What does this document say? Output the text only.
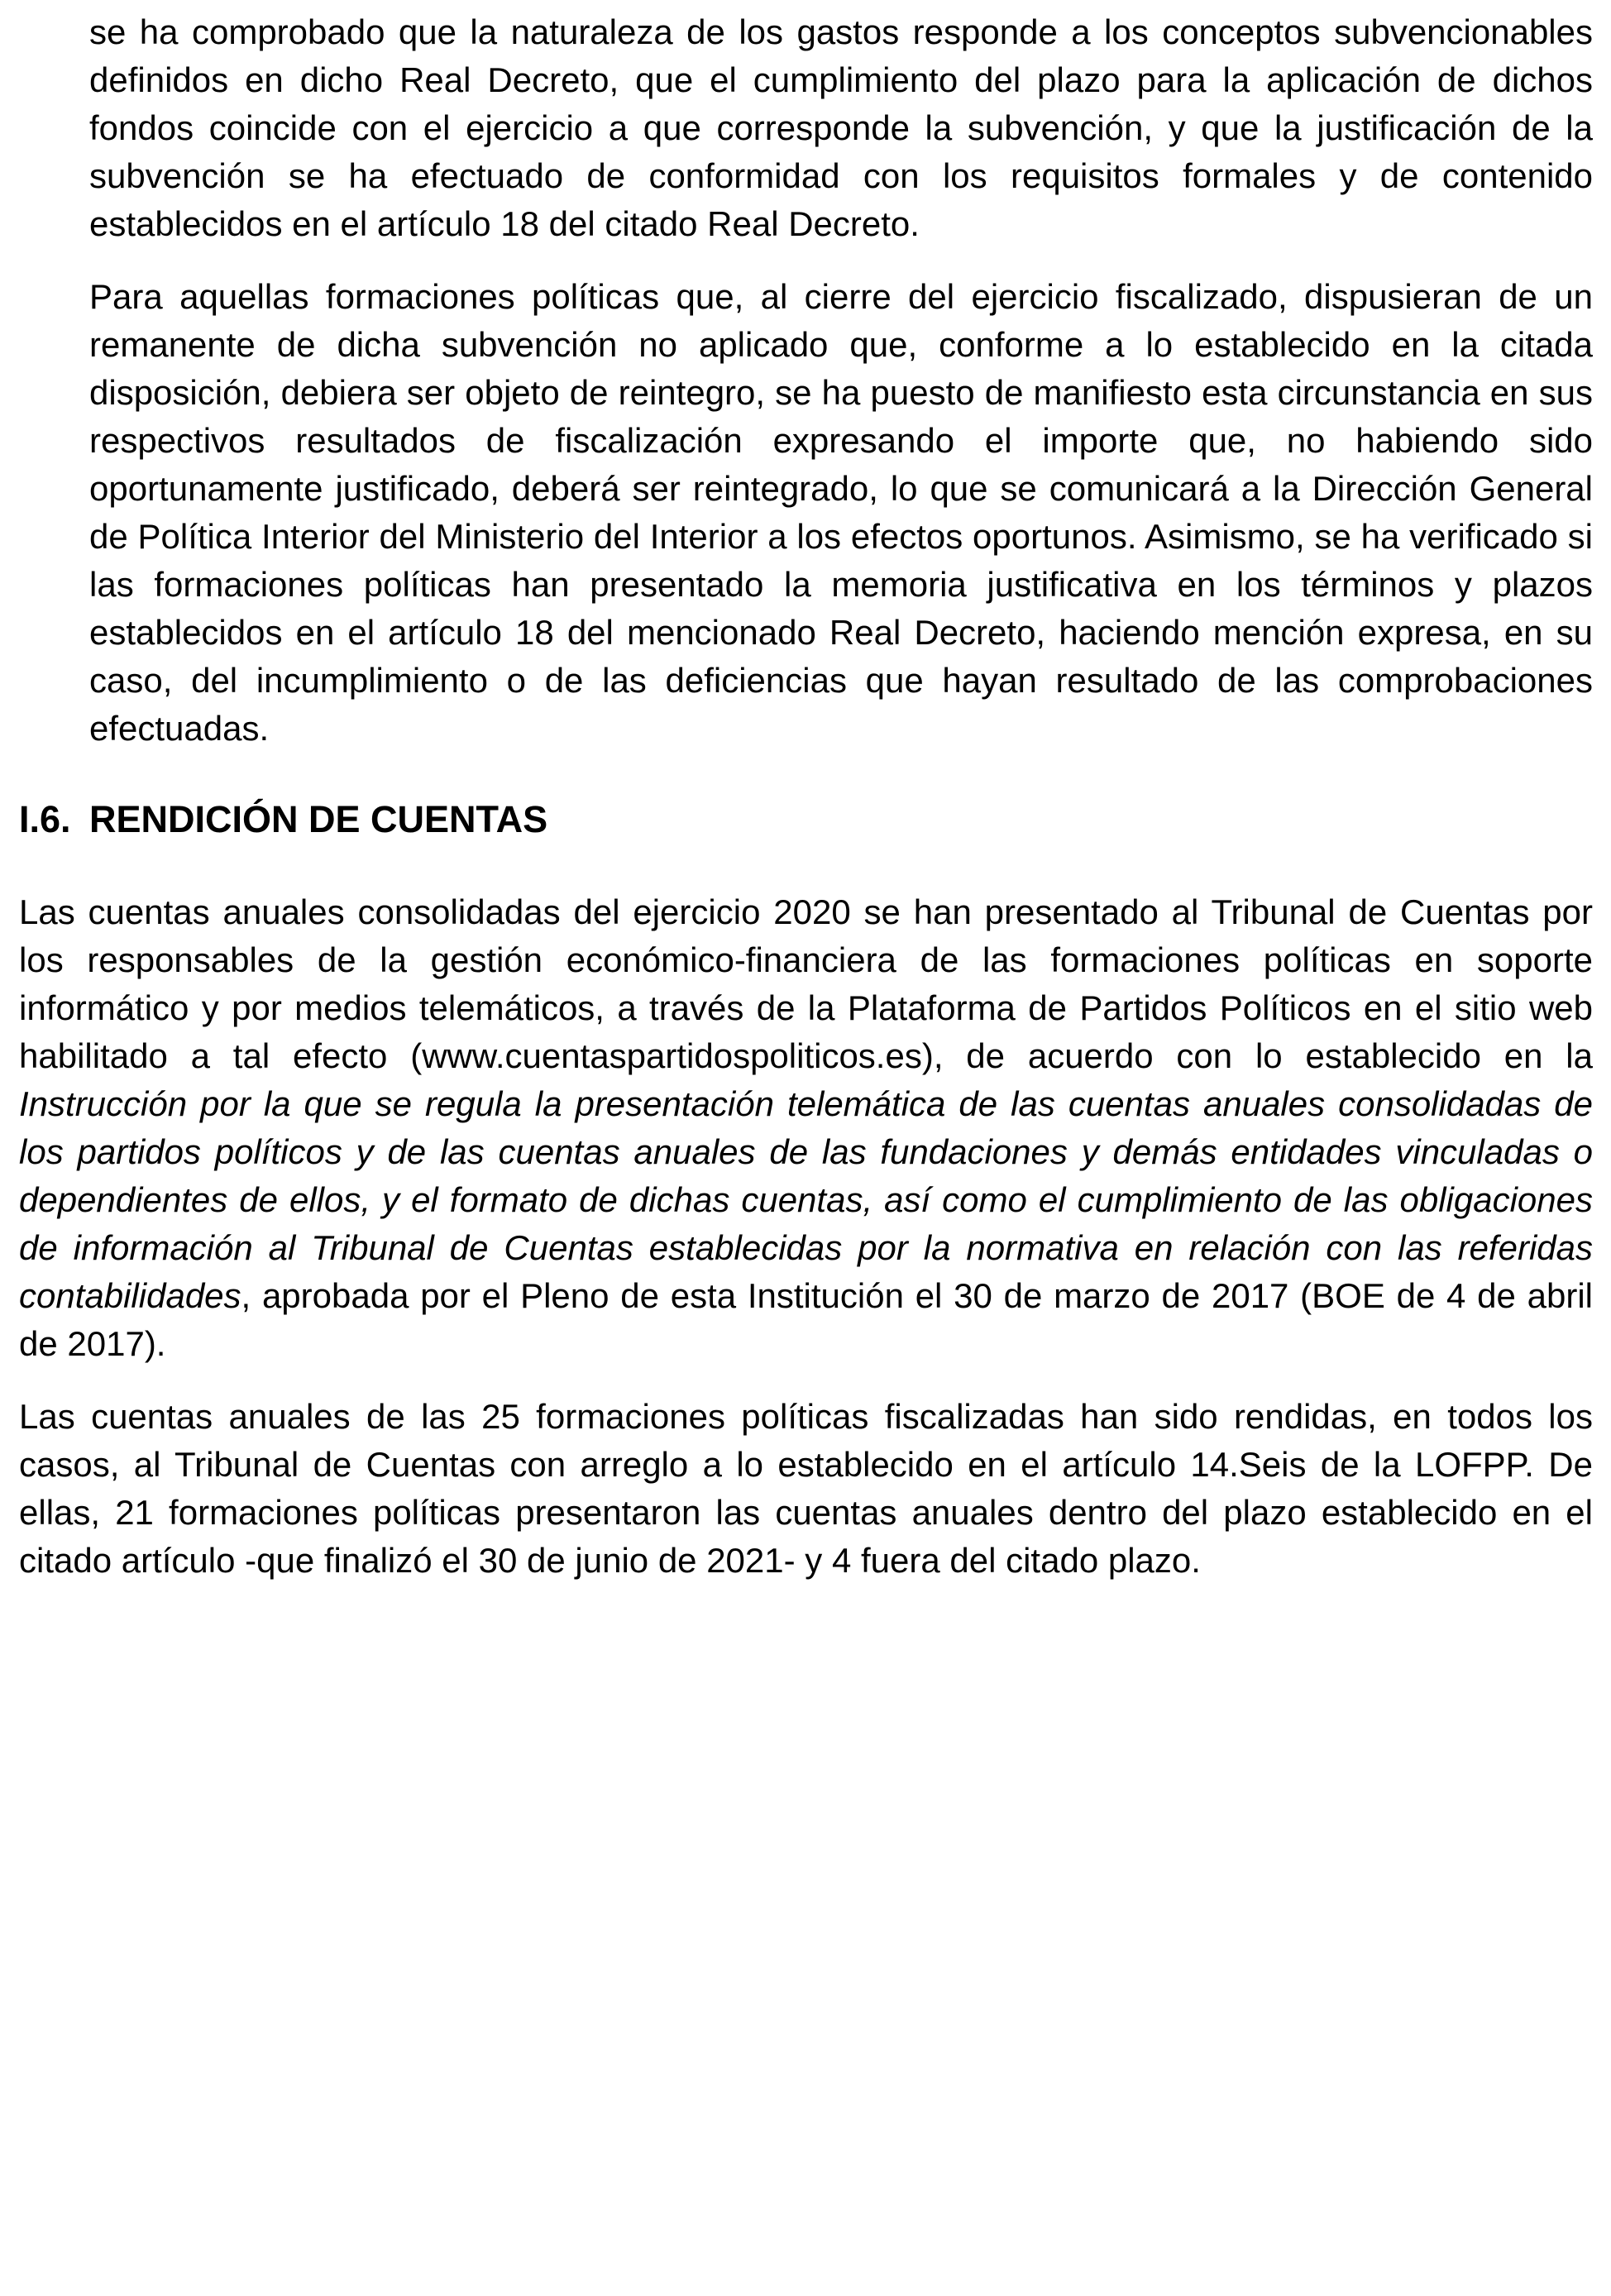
se ha comprobado que la naturaleza de los gastos responde a los conceptos subvencionables definidos en dicho Real Decreto, que el cumplimiento del plazo para la aplicación de dichos fondos coincide con el ejercicio a que corresponde la subvención, y que la justificación de la subvención se ha efectuado de conformidad con los requisitos formales y de contenido establecidos en el artículo 18 del citado Real Decreto.

Para aquellas formaciones políticas que, al cierre del ejercicio fiscalizado, dispusieran de un remanente de dicha subvención no aplicado que, conforme a lo establecido en la citada disposición, debiera ser objeto de reintegro, se ha puesto de manifiesto esta circunstancia en sus respectivos resultados de fiscalización expresando el importe que, no habiendo sido oportunamente justificado, deberá ser reintegrado, lo que se comunicará a la Dirección General de Política Interior del Ministerio del Interior a los efectos oportunos. Asimismo, se ha verificado si las formaciones políticas han presentado la memoria justificativa en los términos y plazos establecidos en el artículo 18 del mencionado Real Decreto, haciendo mención expresa, en su caso, del incumplimiento o de las deficiencias que hayan resultado de las comprobaciones efectuadas.

I.6. RENDICIÓN DE CUENTAS

Las cuentas anuales consolidadas del ejercicio 2020 se han presentado al Tribunal de Cuentas por los responsables de la gestión económico-financiera de las formaciones políticas en soporte informático y por medios telemáticos, a través de la Plataforma de Partidos Políticos en el sitio web habilitado a tal efecto (www.cuentaspartidospoliticos.es), de acuerdo con lo establecido en la Instrucción por la que se regula la presentación telemática de las cuentas anuales consolidadas de los partidos políticos y de las cuentas anuales de las fundaciones y demás entidades vinculadas o dependientes de ellos, y el formato de dichas cuentas, así como el cumplimiento de las obligaciones de información al Tribunal de Cuentas establecidas por la normativa en relación con las referidas contabilidades, aprobada por el Pleno de esta Institución el 30 de marzo de 2017 (BOE de 4 de abril de 2017).

Las cuentas anuales de las 25 formaciones políticas fiscalizadas han sido rendidas, en todos los casos, al Tribunal de Cuentas con arreglo a lo establecido en el artículo 14.Seis de la LOFPP. De ellas, 21 formaciones políticas presentaron las cuentas anuales dentro del plazo establecido en el citado artículo -que finalizó el 30 de junio de 2021- y 4 fuera del citado plazo.
